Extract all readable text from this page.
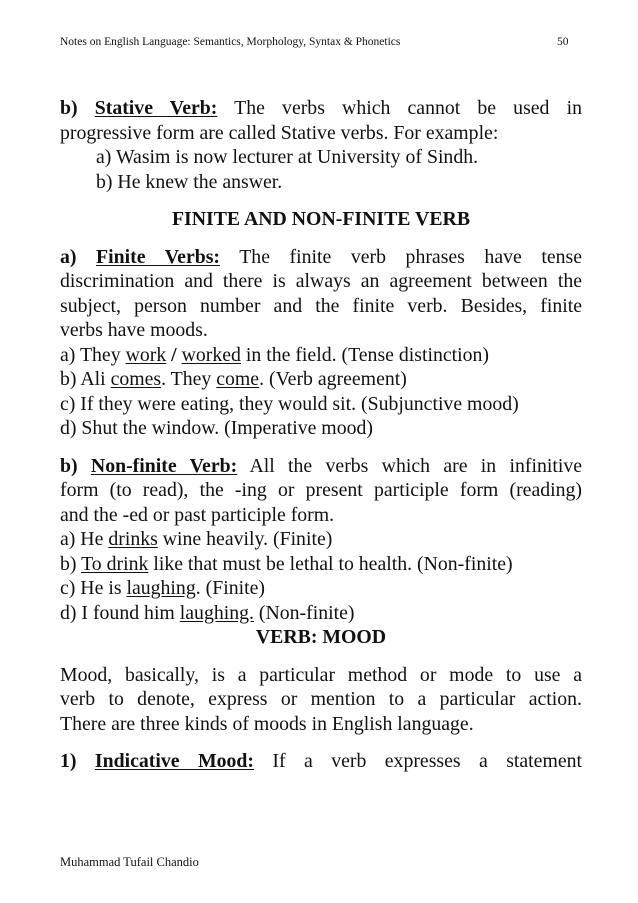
Notes on English Language: Semantics, Morphology, Syntax & Phonetics	50
b) Stative Verb: The verbs which cannot be used in
progressive form are called Stative verbs. For example:
a) Wasim is now lecturer at University of Sindh.
b) He knew the answer.
FINITE AND NON-FINITE VERB
a) Finite Verbs: The finite verb phrases have tense
discrimination and there is always an agreement between the
subject, person number and the finite verb. Besides, finite
verbs have moods.
a) They work / worked in the field. (Tense distinction)
b) Ali comes. They come. (Verb agreement)
c) If they were eating, they would sit. (Subjunctive mood)
d) Shut the window. (Imperative mood)
b) Non-finite Verb: All the verbs which are in infinitive
form (to read), the -ing or present participle form (reading)
and the -ed or past participle form.
a) He drinks wine heavily. (Finite)
b) To drink like that must be lethal to health. (Non-finite)
c) He is laughing. (Finite)
d) I found him laughing. (Non-finite)
VERB: MOOD
Mood, basically, is a particular method or mode to use a
verb to denote, express or mention to a particular action.
There are three kinds of moods in English language.
1) Indicative Mood: If a verb expresses a statement
Muhammad Tufail Chandio
